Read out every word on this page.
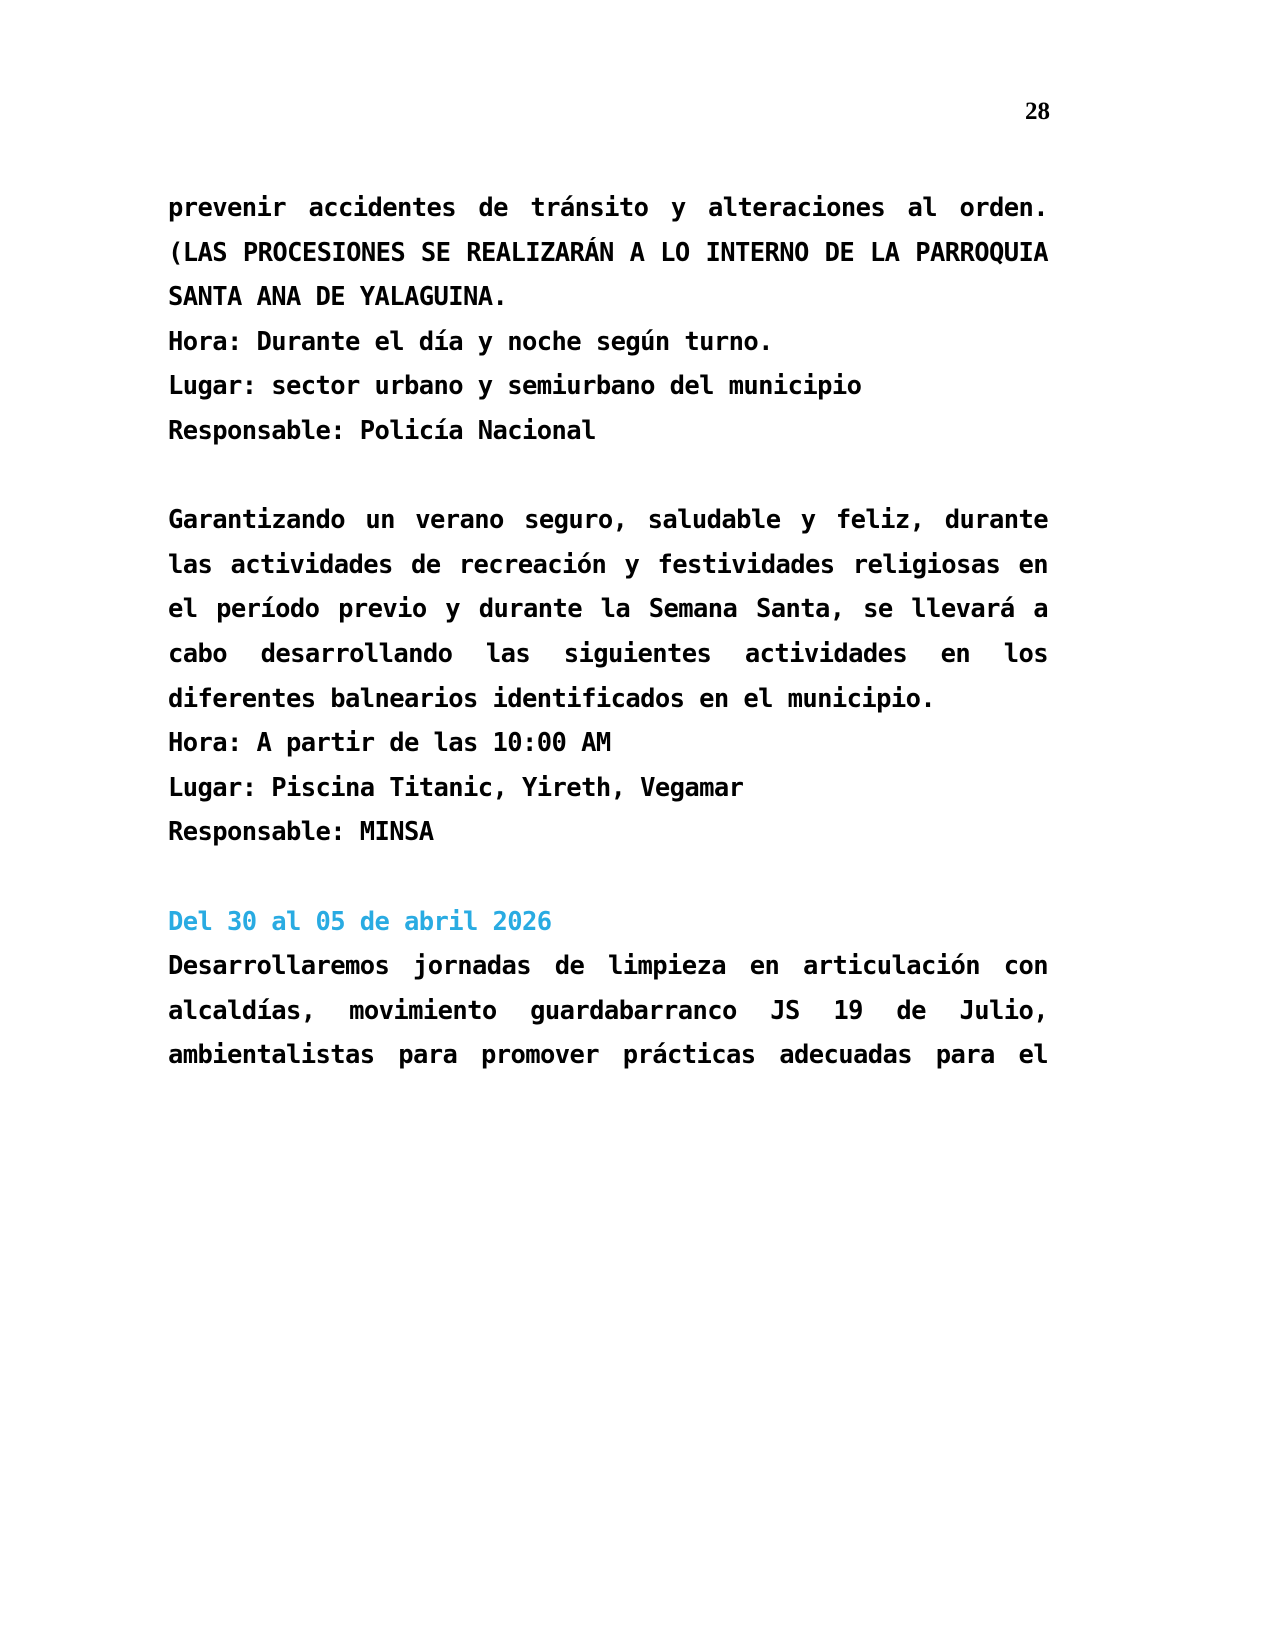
28

prevenir accidentes de tránsito y alteraciones al orden. (LAS PROCESIONES SE REALIZARÁN A LO INTERNO DE LA PARROQUIA SANTA ANA DE YALAGUINA.

Hora: Durante el día y noche según turno.

Lugar: sector urbano y semiurbano del municipio

Responsable: Policía Nacional

Garantizando un verano seguro, saludable y feliz, durante las actividades de recreación y festividades religiosas en el período previo y durante la Semana Santa, se llevará a cabo desarrollando las siguientes actividades en los diferentes balnearios identificados en el municipio.

Hora: A partir de las 10:00 AM

Lugar: Piscina Titanic, Yireth, Vegamar

Responsable: MINSA

Del 30 al 05 de abril 2026

Desarrollaremos jornadas de limpieza en articulación con alcaldías, movimiento guardabarranco JS 19 de Julio, ambientalistas para promover prácticas adecuadas para el
